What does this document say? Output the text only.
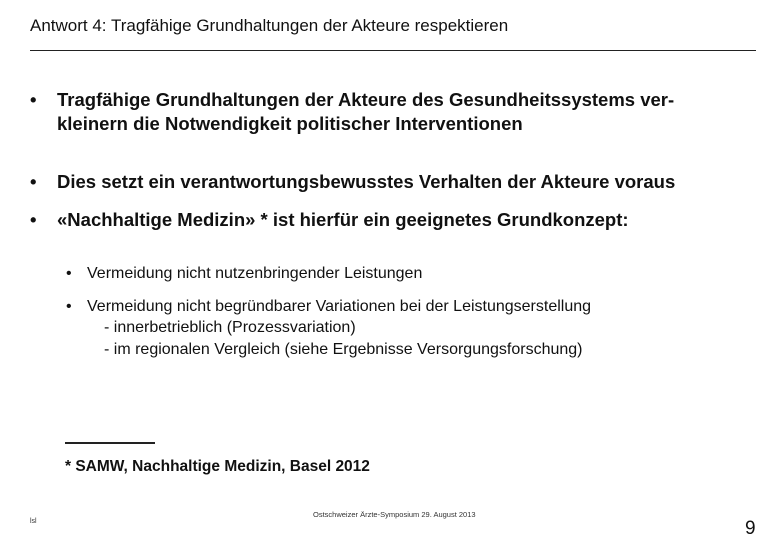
Antwort 4: Tragfähige Grundhaltungen der Akteure respektieren
• Tragfähige Grundhaltungen der Akteure des Gesundheitssystems ver-
kleinern die Notwendigkeit politischer Interventionen
• Dies setzt ein verantwortungsbewusstes Verhalten der Akteure voraus
• «Nachhaltige Medizin» * ist hierfür ein geeignetes Grundkonzept:
• Vermeidung nicht nutzenbringender Leistungen
• Vermeidung nicht begründbarer Variationen bei der Leistungserstellung
- innerbetrieblich (Prozessvariation)
- im regionalen Vergleich (siehe Ergebnisse Versorgungsforschung)
* SAMW, Nachhaltige Medizin, Basel 2012
lsl
Ostschweizer Ärzte-Symposium 29. August 2013
9
